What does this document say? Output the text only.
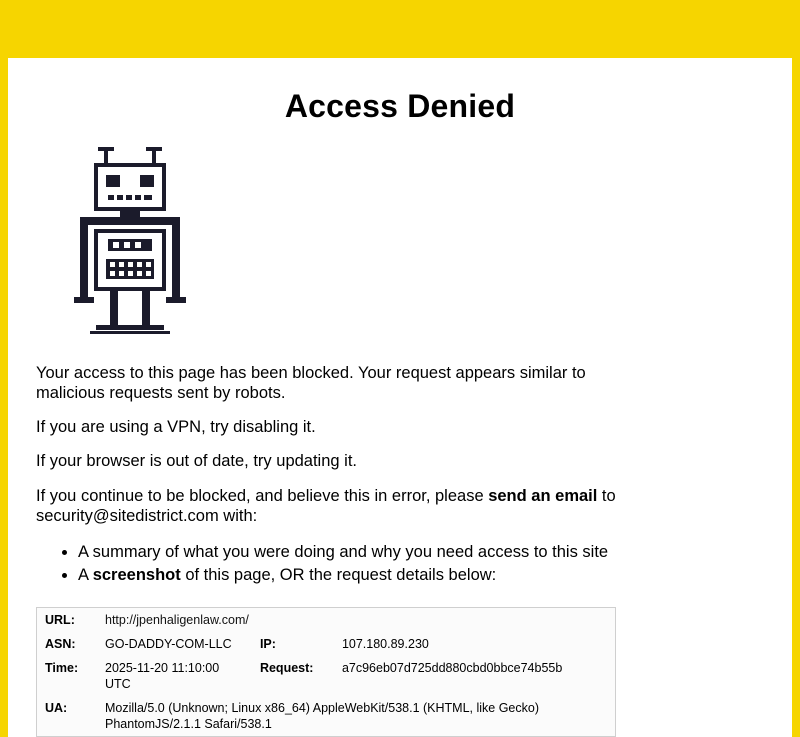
Access Denied

Your access to this page has been blocked. Your request appears similar to malicious requests sent by robots.

If you are using a VPN, try disabling it.

If your browser is out of date, try updating it.

If you continue to be blocked, and believe this in error, please send an email to

security@sitedistrict.com with:

• A summary of what you were doing and why you need access to this site
• A screenshot of this page, OR the request details below:
URL:	http://jpenhaligenlaw.com/		
ASN:	GO-DADDY-COM-LLC	IP:	107.180.89.230
Time:	2025-11-20 11:10:00 UTC	Request:	a7c96eb07d725dd880cbd0bbce74b55b
UA:	Mozilla/5.0 (Unknown; Linux x86_64) AppleWebKit/538.1 (KHTML, like Gecko) PhantomJS/2.1.1 Safari/538.1		
